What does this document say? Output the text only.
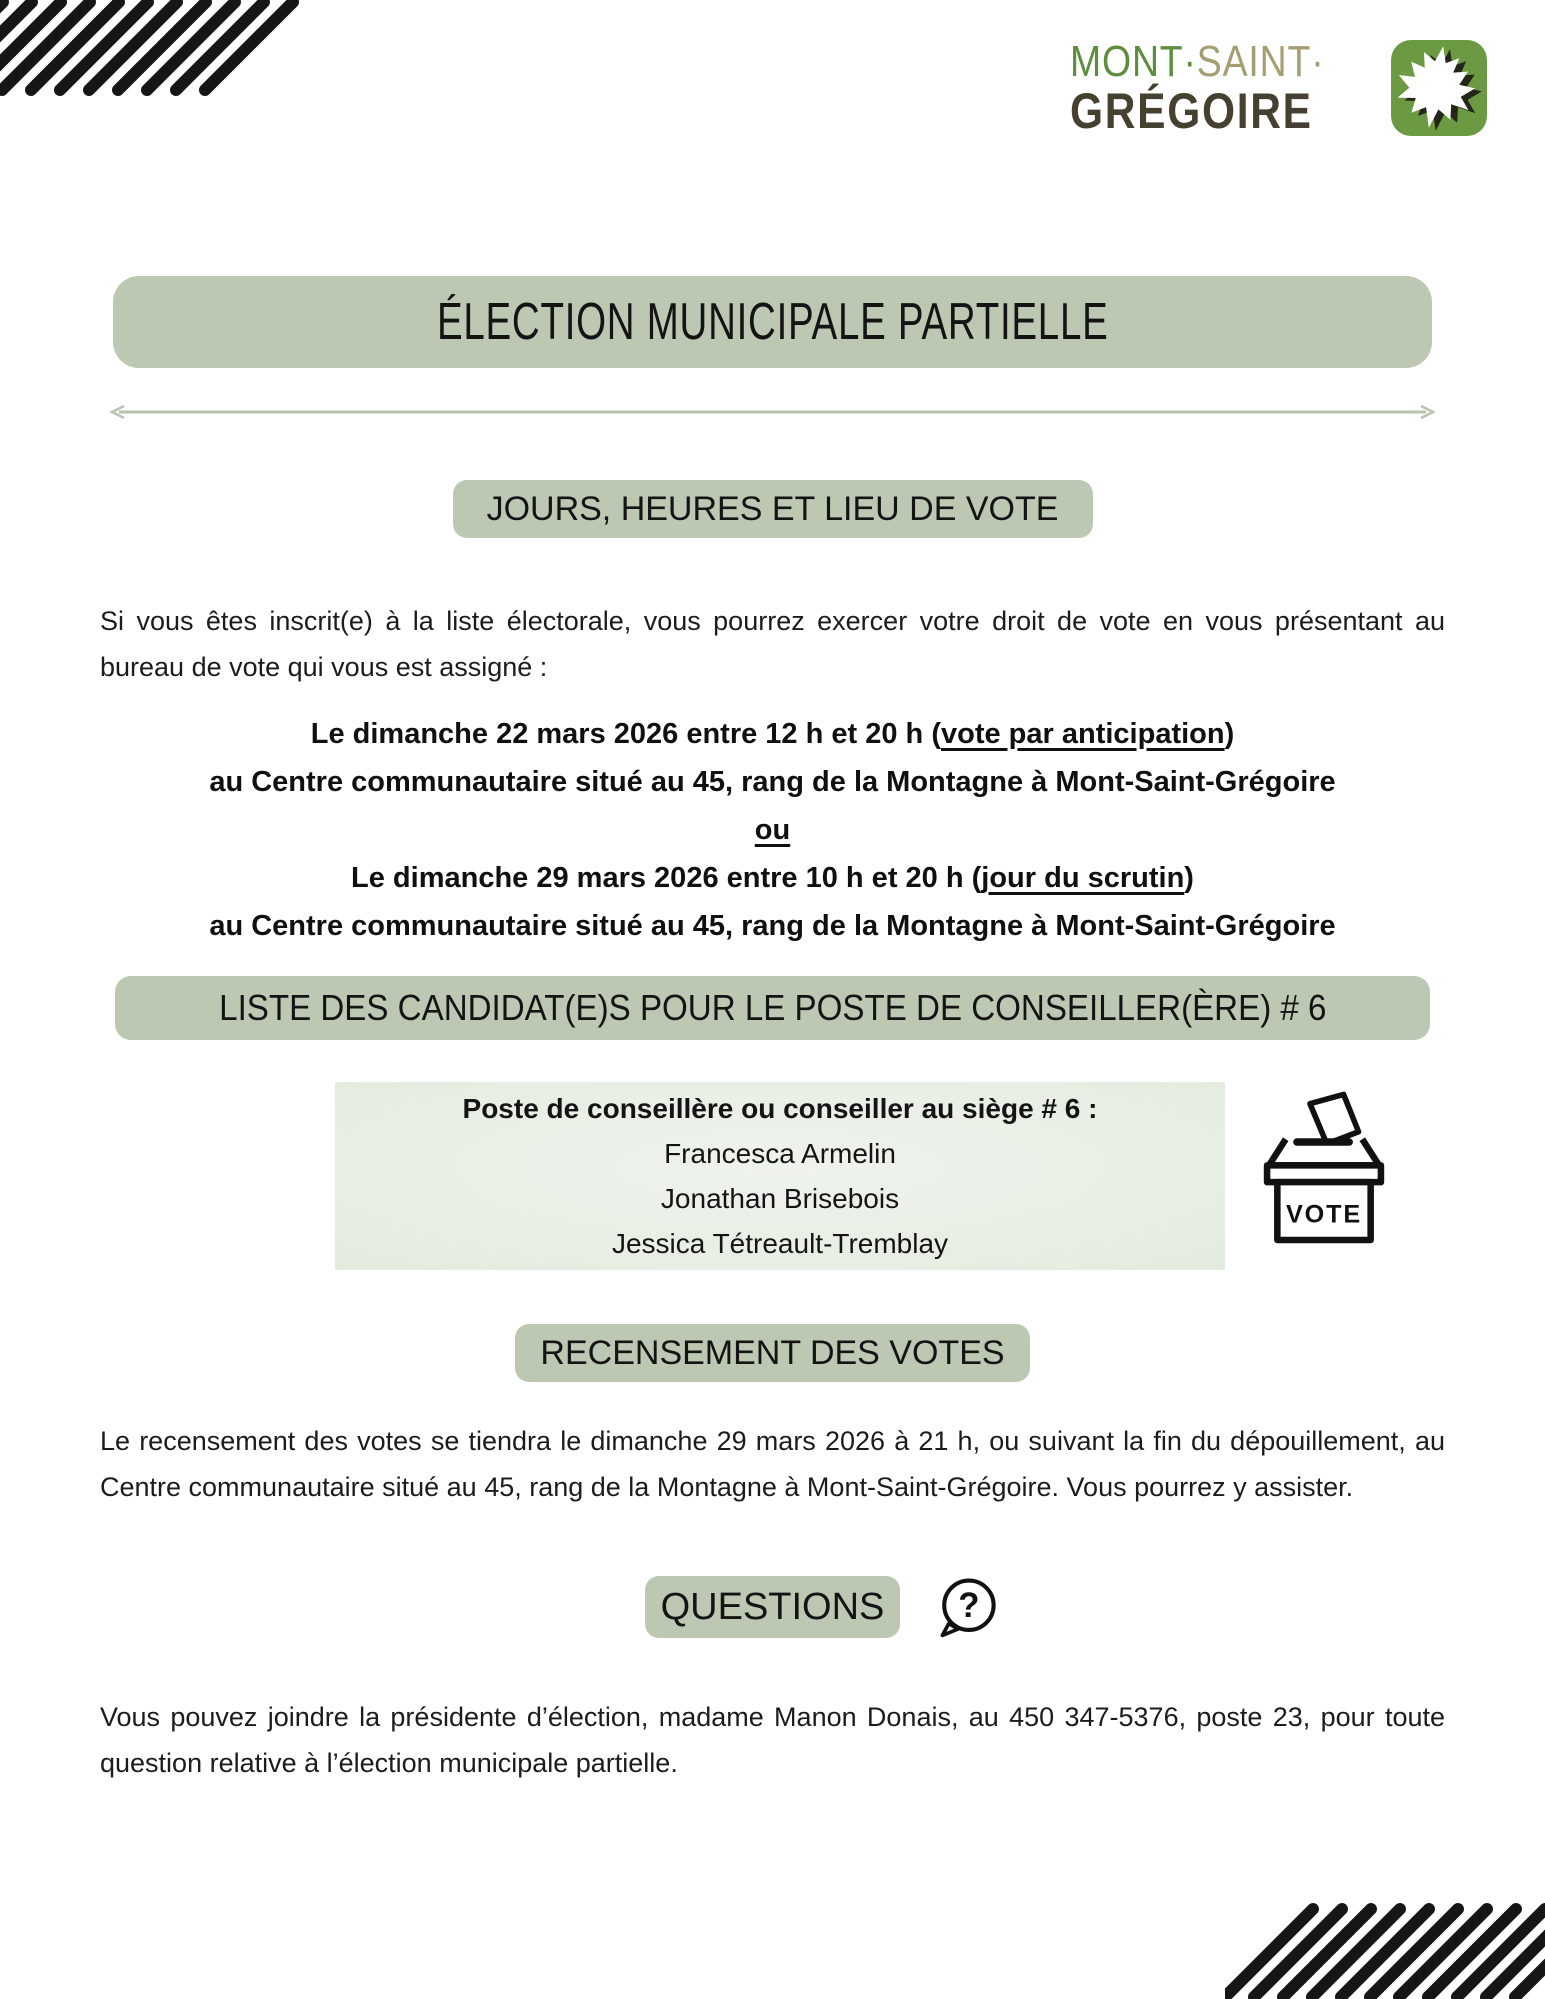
MONT·SAINT·
GRÉGOIRE
ÉLECTION MUNICIPALE PARTIELLE
JOURS, HEURES ET LIEU DE VOTE

Si vous êtes inscrit(e) à la liste électorale, vous pourrez exercer votre droit de vote en vous présentant au bureau de vote qui vous est assigné :

Le dimanche 22 mars 2026 entre 12 h et 20 h (vote par anticipation)
au Centre communautaire situé au 45, rang de la Montagne à Mont-Saint-Grégoire
ou
Le dimanche 29 mars 2026 entre 10 h et 20 h (jour du scrutin)
au Centre communautaire situé au 45, rang de la Montagne à Mont-Saint-Grégoire
LISTE DES CANDIDAT(E)S POUR LE POSTE DE CONSEILLER(ÈRE) # 6
Poste de conseillère ou conseiller au siège # 6 :
Francesca Armelin
Jonathan Brisebois
Jessica Tétreault-Tremblay
VOTE
RECENSEMENT DES VOTES

Le recensement des votes se tiendra le dimanche 29 mars 2026 à 21 h, ou suivant la fin du dépouillement, au Centre communautaire situé au 45, rang de la Montagne à Mont-Saint-Grégoire. Vous pourrez y assister.

QUESTIONS ?

Vous pouvez joindre la présidente d’élection, madame Manon Donais, au 450 347-5376, poste 23, pour toute question relative à l’élection municipale partielle.
